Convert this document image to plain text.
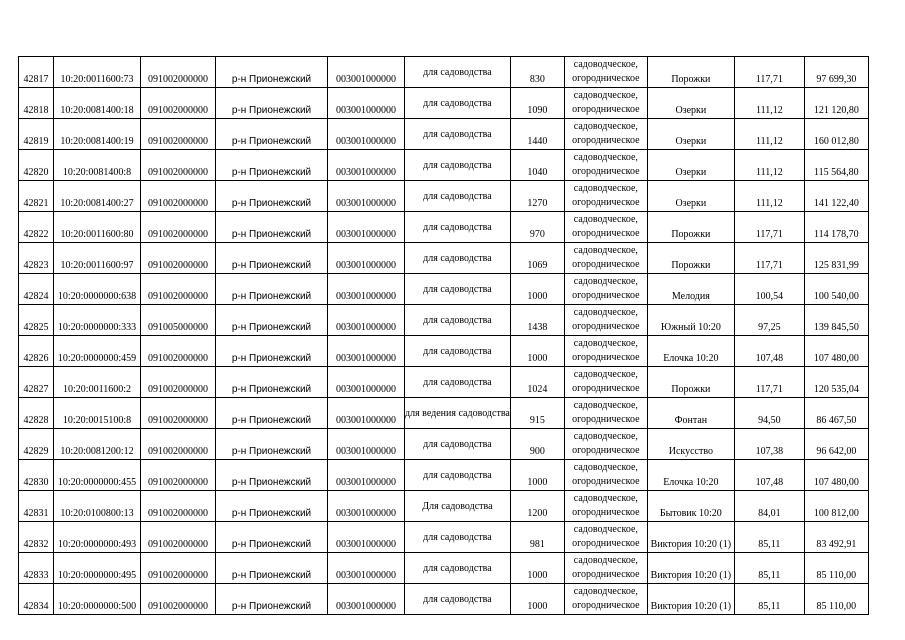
42817	10:20:0011600:73	091002000000	р-н Прионежский	003001000000	для садоводства	830	садоводческое, огородническое	Порожки	117,71	97 699,30
42818	10:20:0081400:18	091002000000	р-н Прионежский	003001000000	для садоводства	1090	садоводческое, огородническое	Озерки	111,12	121 120,80
42819	10:20:0081400:19	091002000000	р-н Прионежский	003001000000	для садоводства	1440	садоводческое, огородническое	Озерки	111,12	160 012,80
42820	10:20:0081400:8	091002000000	р-н Прионежский	003001000000	для садоводства	1040	садоводческое, огородническое	Озерки	111,12	115 564,80
42821	10:20:0081400:27	091002000000	р-н Прионежский	003001000000	для садоводства	1270	садоводческое, огородническое	Озерки	111,12	141 122,40
42822	10:20:0011600:80	091002000000	р-н Прионежский	003001000000	для садоводства	970	садоводческое, огородническое	Порожки	117,71	114 178,70
42823	10:20:0011600:97	091002000000	р-н Прионежский	003001000000	для садоводства	1069	садоводческое, огородническое	Порожки	117,71	125 831,99
42824	10:20:0000000:638	091002000000	р-н Прионежский	003001000000	для садоводства	1000	садоводческое, огородническое	Мелодия	100,54	100 540,00
42825	10:20:0000000:333	091005000000	р-н Прионежский	003001000000	для садоводства	1438	садоводческое, огородническое	Южный 10:20	97,25	139 845,50
42826	10:20:0000000:459	091002000000	р-н Прионежский	003001000000	для садоводства	1000	садоводческое, огородническое	Елочка 10:20	107,48	107 480,00
42827	10:20:0011600:2	091002000000	р-н Прионежский	003001000000	для садоводства	1024	садоводческое, огородническое	Порожки	117,71	120 535,04
42828	10:20:0015100:8	091002000000	р-н Прионежский	003001000000	для ведения садоводства	915	садоводческое, огородническое	Фонтан	94,50	86 467,50
42829	10:20:0081200:12	091002000000	р-н Прионежский	003001000000	для садоводства	900	садоводческое, огородническое	Искусство	107,38	96 642,00
42830	10:20:0000000:455	091002000000	р-н Прионежский	003001000000	для садоводства	1000	садоводческое, огородническое	Елочка 10:20	107,48	107 480,00
42831	10:20:0100800:13	091002000000	р-н Прионежский	003001000000	Для садоводства	1200	садоводческое, огородническое	Бытовик 10:20	84,01	100 812,00
42832	10:20:0000000:493	091002000000	р-н Прионежский	003001000000	для садоводства	981	садоводческое, огородническое	Виктория 10:20 (1)	85,11	83 492,91
42833	10:20:0000000:495	091002000000	р-н Прионежский	003001000000	для садоводства	1000	садоводческое, огородническое	Виктория 10:20 (1)	85,11	85 110,00
42834	10:20:0000000:500	091002000000	р-н Прионежский	003001000000	для садоводства	1000	садоводческое, огородническое	Виктория 10:20 (1)	85,11	85 110,00
